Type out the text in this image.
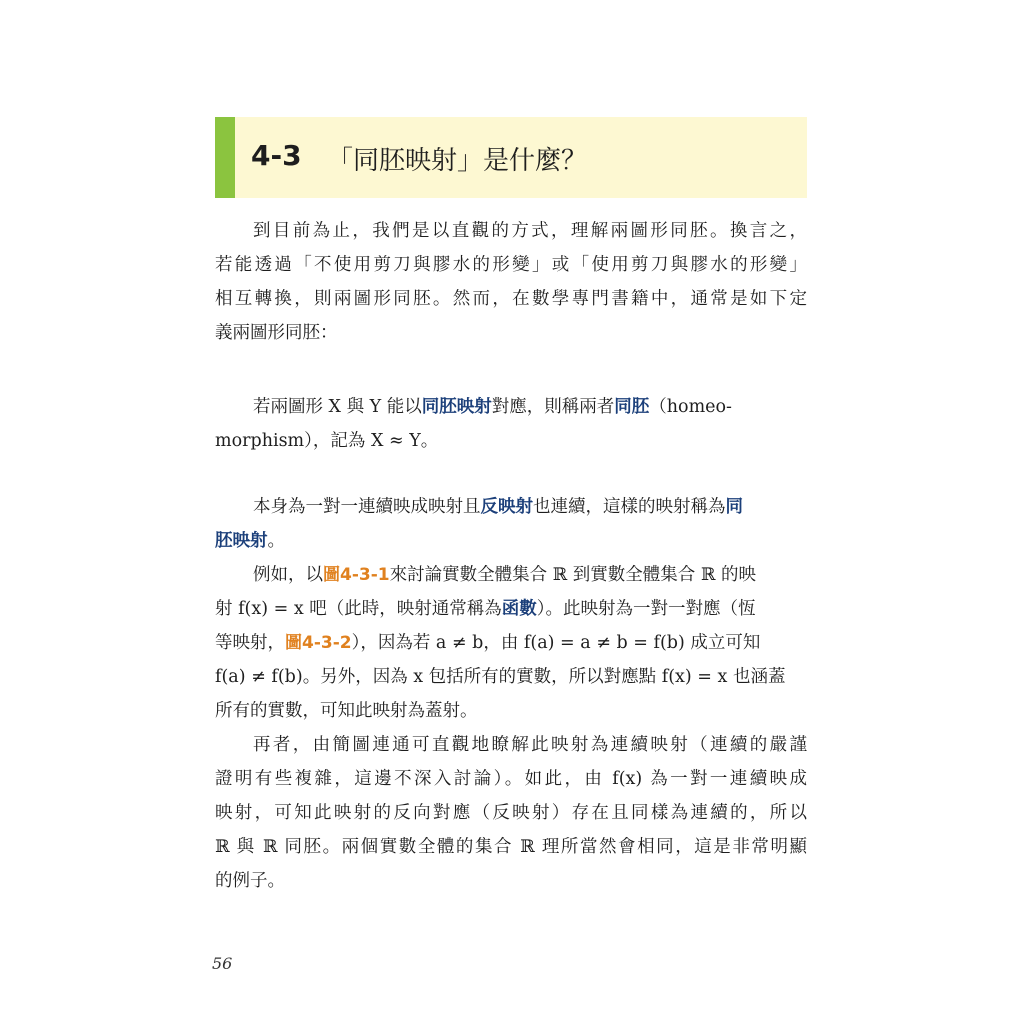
4-3 「同胚映射」是什麼？
到目前為止，我們是以直觀的方式，理解兩圖形同胚。換言之，
若能透過「不使用剪刀與膠水的形變」或「使用剪刀與膠水的形變」
相互轉換，則兩圖形同胚。然而，在數學專門書籍中，通常是如下定
義兩圖形同胚：
若兩圖形 X 與 Y 能以同胚映射對應，則稱兩者同胚（homeo-
morphism），記為 X ≈ Y。
本身為一對一連續映成映射且反映射也連續，這樣的映射稱為同
胚映射。
例如，以圖4-3-1來討論實數全體集合 ℝ 到實數全體集合 ℝ 的映
射 f(x) = x 吧（此時，映射通常稱為函數）。此映射為一對一對應（恆
等映射，圖4-3-2），因為若 a ≠ b，由 f(a) = a ≠ b = f(b) 成立可知
f(a) ≠ f(b)。另外，因為 x 包括所有的實數，所以對應點 f(x) = x 也涵蓋
所有的實數，可知此映射為蓋射。
再者，由簡圖連通可直觀地瞭解此映射為連續映射（連續的嚴謹
證明有些複雜，這邊不深入討論）。如此，由 f(x) 為一對一連續映成
映射，可知此映射的反向對應（反映射）存在且同樣為連續的，所以
ℝ 與 ℝ 同胚。兩個實數全體的集合 ℝ 理所當然會相同，這是非常明顯
的例子。
56
